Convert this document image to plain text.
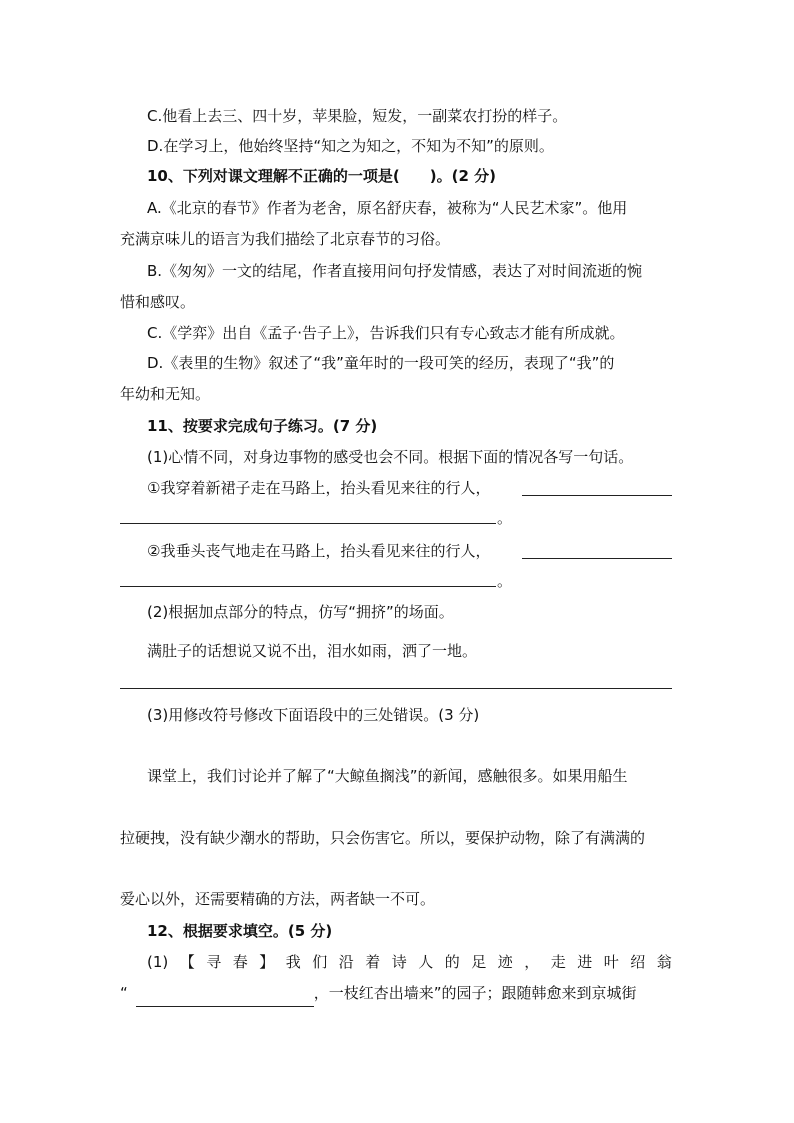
C.他看上去三、四十岁，苹果脸，短发，一副菜农打扮的样子。
D.在学习上，他始终坚持“知之为知之，不知为不知”的原则。
10、下列对课文理解不正确的一项是(　　)。(2 分)
A.《北京的春节》作者为老舍，原名舒庆春，被称为“人民艺术家”。他用
充满京味儿的语言为我们描绘了北京春节的习俗。
B.《匆匆》一文的结尾，作者直接用问句抒发情感，表达了对时间流逝的惋
惜和感叹。
C.《学弈》出自《孟子·告子上》，告诉我们只有专心致志才能有所成就。
D.《表里的生物》叙述了“我”童年时的一段可笑的经历，表现了“我”的
年幼和无知。
11、按要求完成句子练习。(7 分)
(1)心情不同，对身边事物的感受也会不同。根据下面的情况各写一句话。
①我穿着新裙子走在马路上，抬头看见来往的行人，
。
②我垂头丧气地走在马路上，抬头看见来往的行人，
。
(2)根据加点部分的特点，仿写“拥挤”的场面。
满肚子的话想说又说不出，泪水如雨，洒了一地。
(3)用修改符号修改下面语段中的三处错误。(3 分)
课堂上，我们讨论并了解了“大鲸鱼搁浅”的新闻，感触很多。如果用船生
拉硬拽，没有缺少潮水的帮助，只会伤害它。所以，要保护动物，除了有满满的
爱心以外，还需要精确的方法，两者缺一不可。
12、根据要求填空。(5 分)
(1) 【 寻 春 】 我 们 沿 着 诗 人 的 足 迹 ， 走 进 叶 绍 翁
“	，一枝红杏出墙来”的园子；跟随韩愈来到京城街
